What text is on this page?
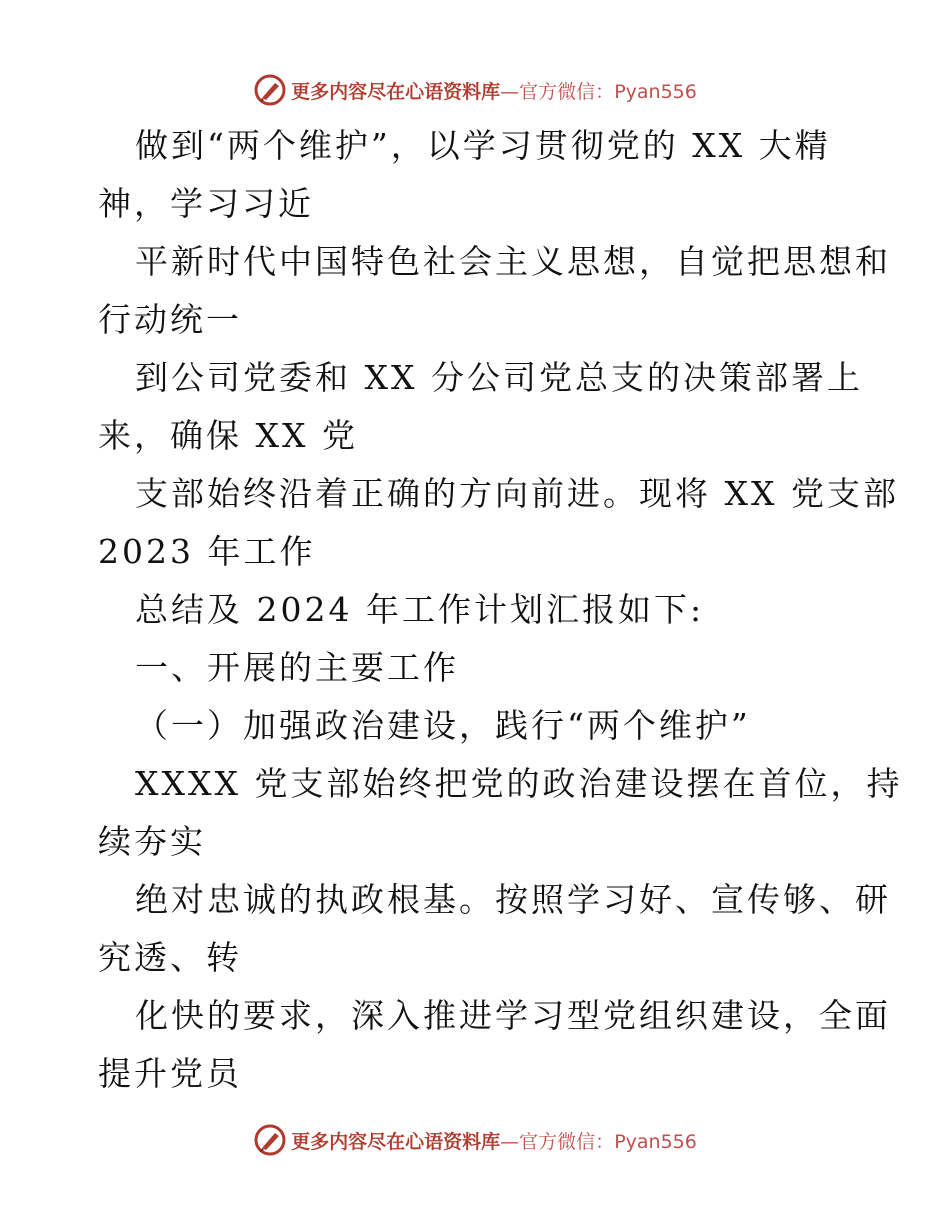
更多内容尽在心语资料库—官方微信：Pyan556
做到“两个维护”，以学习贯彻党的 XX 大精
神，学习习近
平新时代中国特色社会主义思想，自觉把思想和
行动统一
到公司党委和 XX 分公司党总支的决策部署上
来，确保 XX 党
支部始终沿着正确的方向前进。现将 XX 党支部
2023 年工作
总结及 2024 年工作计划汇报如下:
一、开展的主要工作
（一）加强政治建设，践行“两个维护”
XXXX 党支部始终把党的政治建设摆在首位，持
续夯实
绝对忠诚的执政根基。按照学习好、宣传够、研
究透、转
化快的要求，深入推进学习型党组织建设，全面
提升党员
更多内容尽在心语资料库—官方微信：Pyan556
